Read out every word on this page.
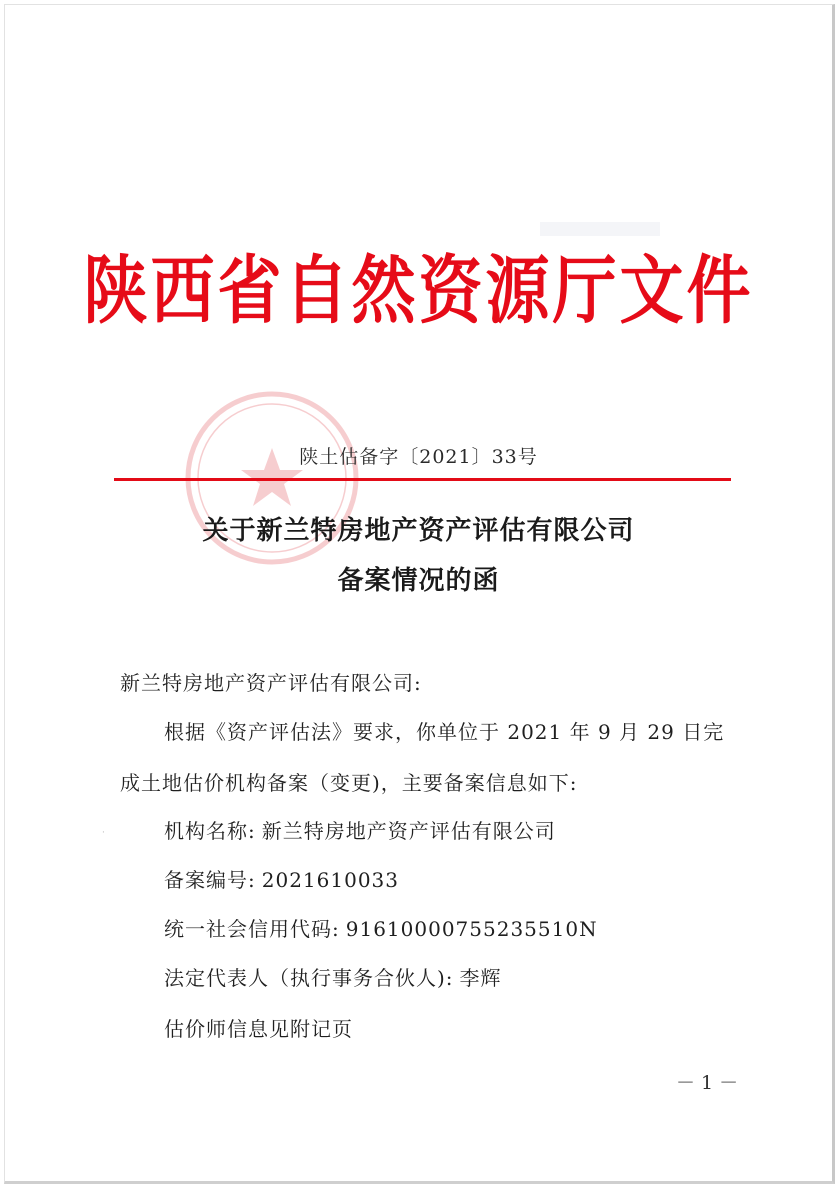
陕西省自然资源厅文件
陕土估备字〔2021〕33号
关于新兰特房地产资产评估有限公司
备案情况的函
新兰特房地产资产评估有限公司:
根据《资产评估法》要求，你单位于 2021 年 9 月 29 日完
成土地估价机构备案（变更)，主要备案信息如下:
机构名称: 新兰特房地产资产评估有限公司
备案编号: 2021610033
统一社会信用代码: 91610000755235510N
法定代表人（执行事务合伙人): 李辉
估价师信息见附记页
·
－1－
